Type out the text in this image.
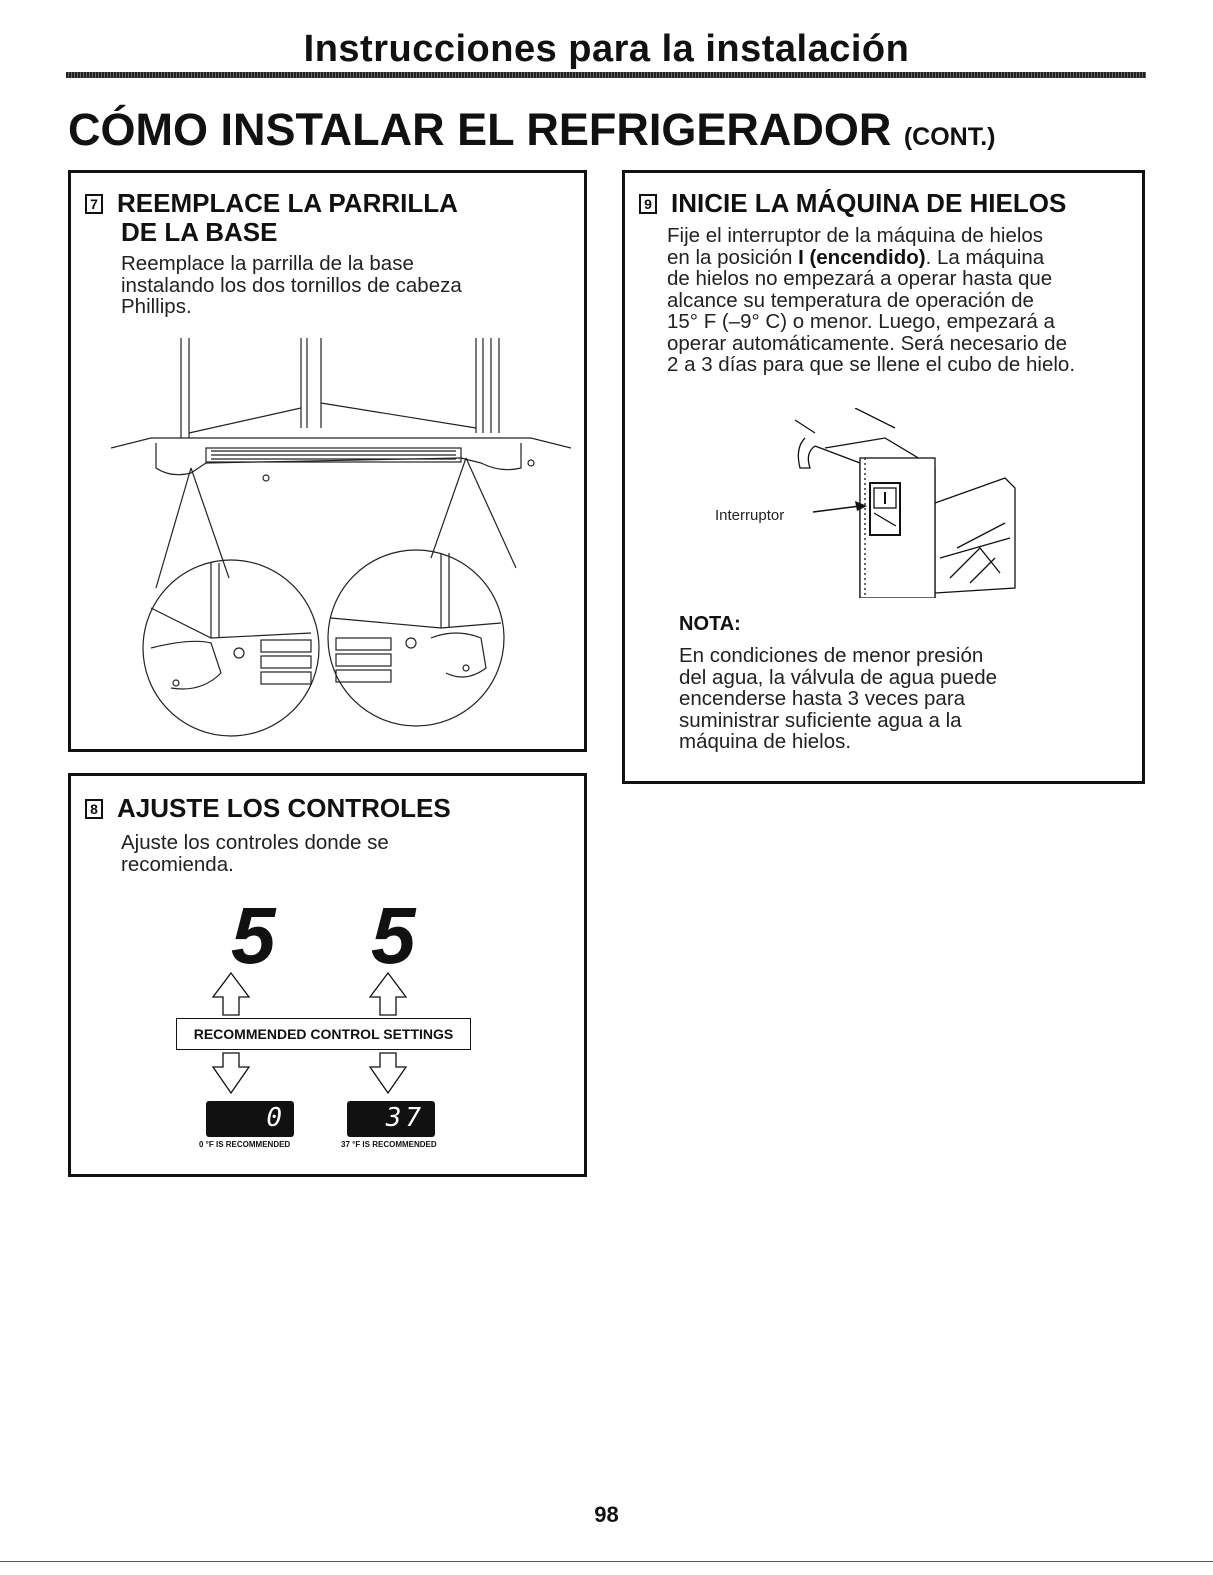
Instrucciones para la instalación
CÓMO INSTALAR EL REFRIGERADOR (CONT.)
7 REEMPLACE LA PARRILLA
DE LA BASE
Reemplace la parrilla de la base
instalando los dos tornillos de cabeza
Phillips.
8 AJUSTE LOS CONTROLES
Ajuste los controles donde se
recomienda.
5 5
RECOMMENDED CONTROL SETTINGS
0	37
0 °F IS RECOMMENDED	37 °F IS RECOMMENDED
9 INICIE LA MÁQUINA DE HIELOS
Fije el interruptor de la máquina de hielos
en la posición I (encendido). La máquina
de hielos no empezará a operar hasta que
alcance su temperatura de operación de
15° F (–9° C) o menor. Luego, empezará a
operar automáticamente. Será necesario de
2 a 3 días para que se llene el cubo de hielo.
Interruptor
NOTA:
En condiciones de menor presión
del agua, la válvula de agua puede
encenderse hasta 3 veces para
suministrar suficiente agua a la
máquina de hielos.
98
